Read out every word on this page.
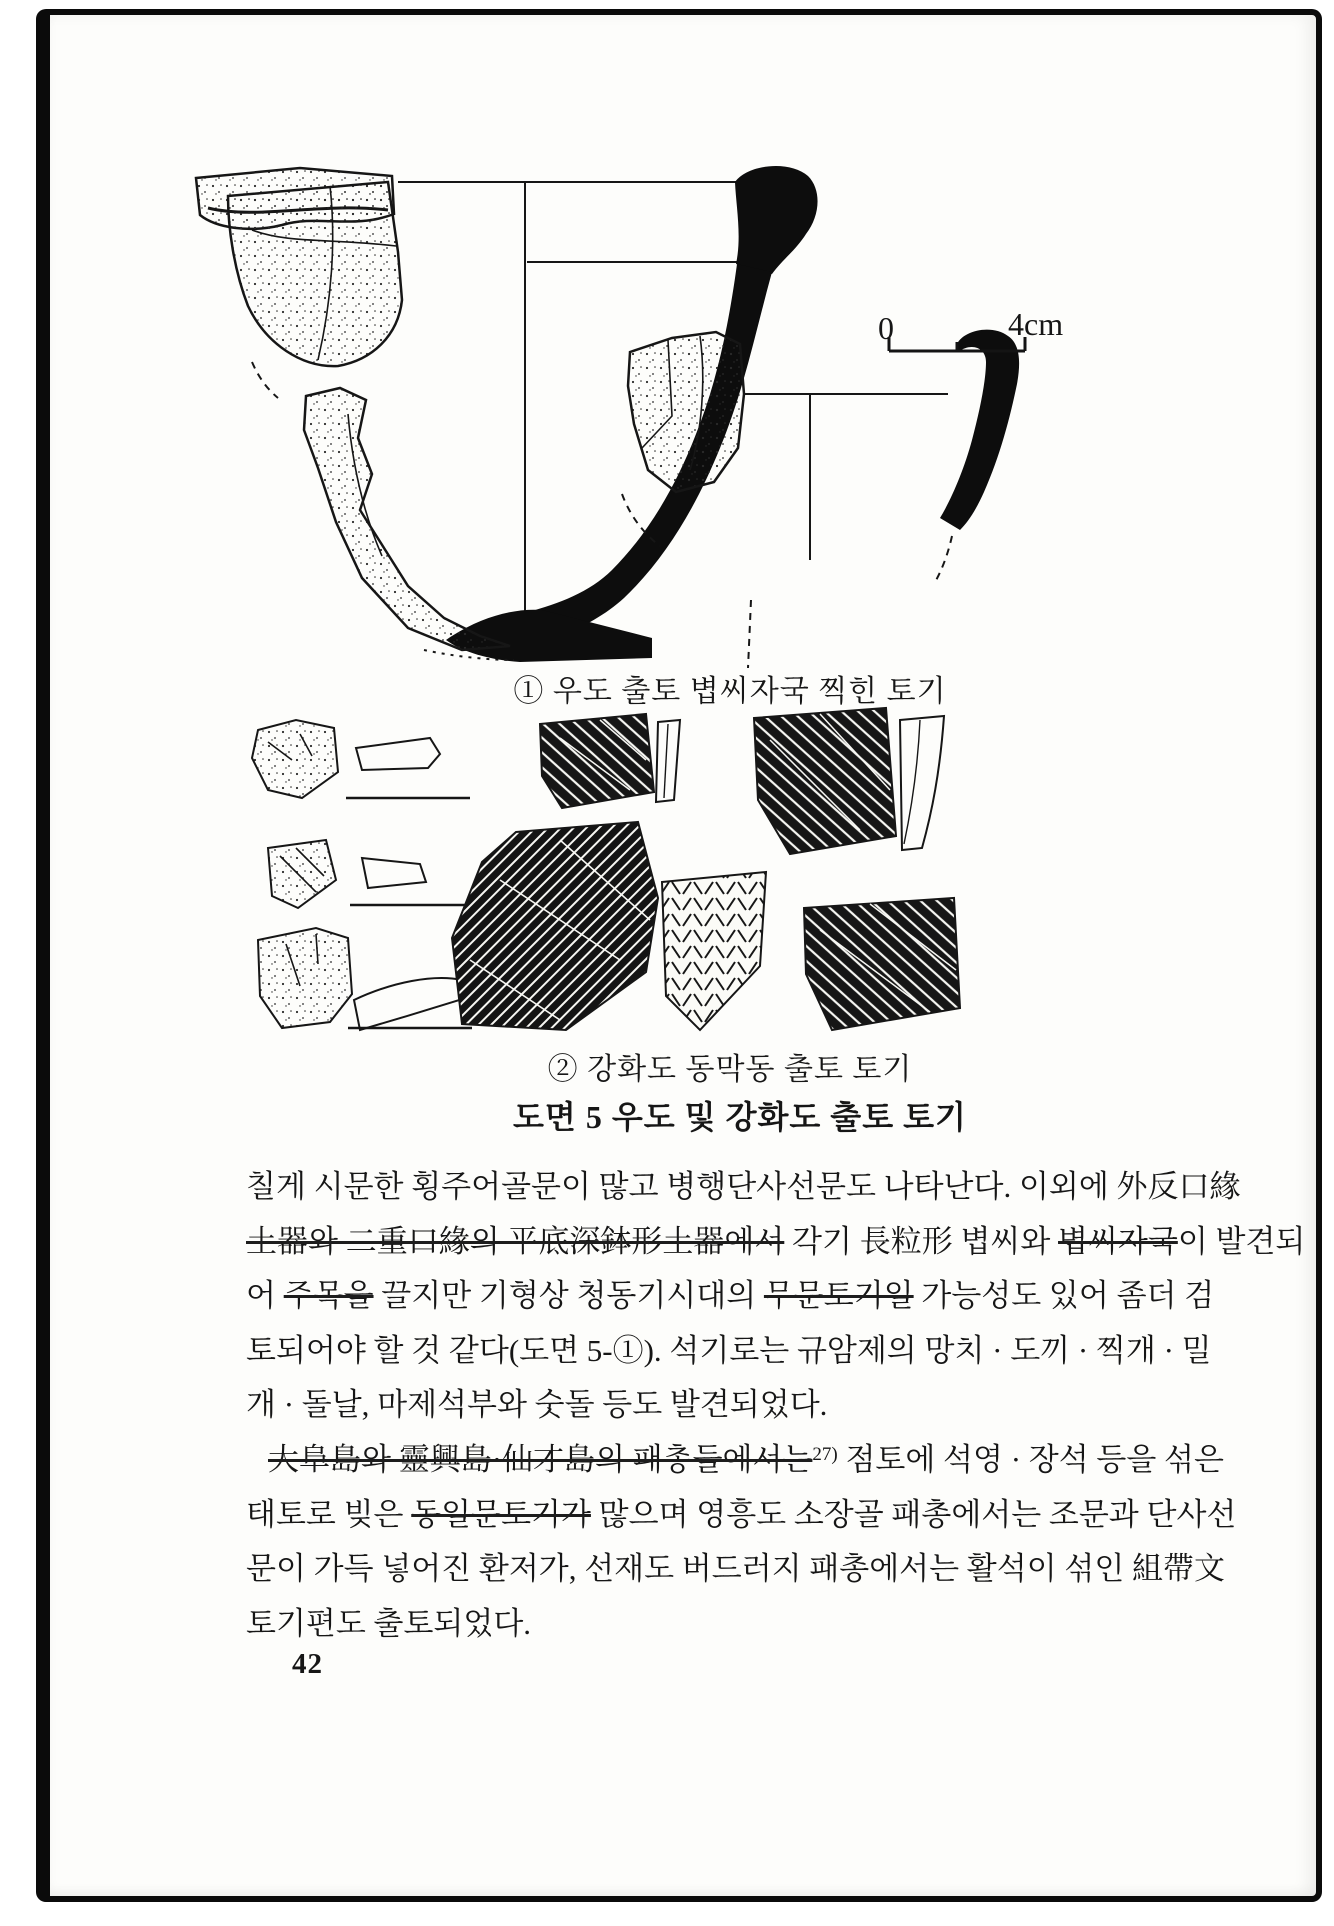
0	4cm
① 우도 출토 볍씨자국 찍힌 토기
② 강화도 동막동 출토 토기
도면 5 우도 및 강화도 출토 토기
칠게 시문한 횡주어골문이 많고 병행단사선문도 나타난다. 이외에 外反口緣
土器와 二重口緣의 平底深鉢形土器에서 각기 長粒形 볍씨와 볍씨자국이 발견되
어 주목을 끌지만 기형상 청동기시대의 무문토기일 가능성도 있어 좀더 검
토되어야 할 것 같다(도면 5-①). 석기로는 규암제의 망치 · 도끼 · 찍개 · 밀
개 · 돌날, 마제석부와 숫돌 등도 발견되었다.
大阜島와 靈興島·仙才島의 패총들에서는$^{27)}$ 점토에 석영 · 장석 등을 섞은
태토로 빚은 동일문토기가 많으며 영흥도 소장골 패총에서는 조문과 단사선
문이 가득 넣어진 환저가, 선재도 버드러지 패총에서는 활석이 섞인 組帶文
토기편도 출토되었다.
42
